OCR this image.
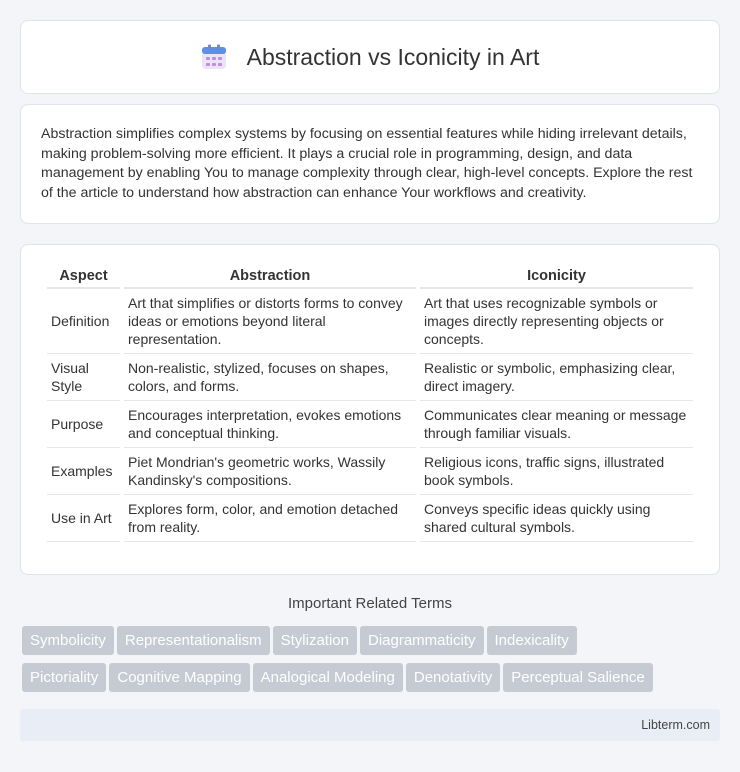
Abstraction vs Iconicity in Art

Abstraction simplifies complex systems by focusing on essential features while hiding irrelevant details, making problem-solving more efficient. It plays a crucial role in programming, design, and data management by enabling You to manage complexity through clear, high-level concepts. Explore the rest of the article to understand how abstraction can enhance Your workflows and creativity.

Aspect	Abstraction	Iconicity
Definition	Art that simplifies or distorts forms to convey ideas or emotions beyond literal representation.	Art that uses recognizable symbols or images directly representing objects or concepts.
Visual Style	Non-realistic, stylized, focuses on shapes, colors, and forms.	Realistic or symbolic, emphasizing clear, direct imagery.
Purpose	Encourages interpretation, evokes emotions and conceptual thinking.	Communicates clear meaning or message through familiar visuals.
Examples	Piet Mondrian's geometric works, Wassily Kandinsky's compositions.	Religious icons, traffic signs, illustrated book symbols.
Use in Art	Explores form, color, and emotion detached from reality.	Conveys specific ideas quickly using shared cultural symbols.
Important Related Terms
Symbolicity Representationalism Stylization Diagrammaticity Indexicality
Pictoriality Cognitive Mapping Analogical Modeling Denotativity Perceptual Salience
Libterm.com
